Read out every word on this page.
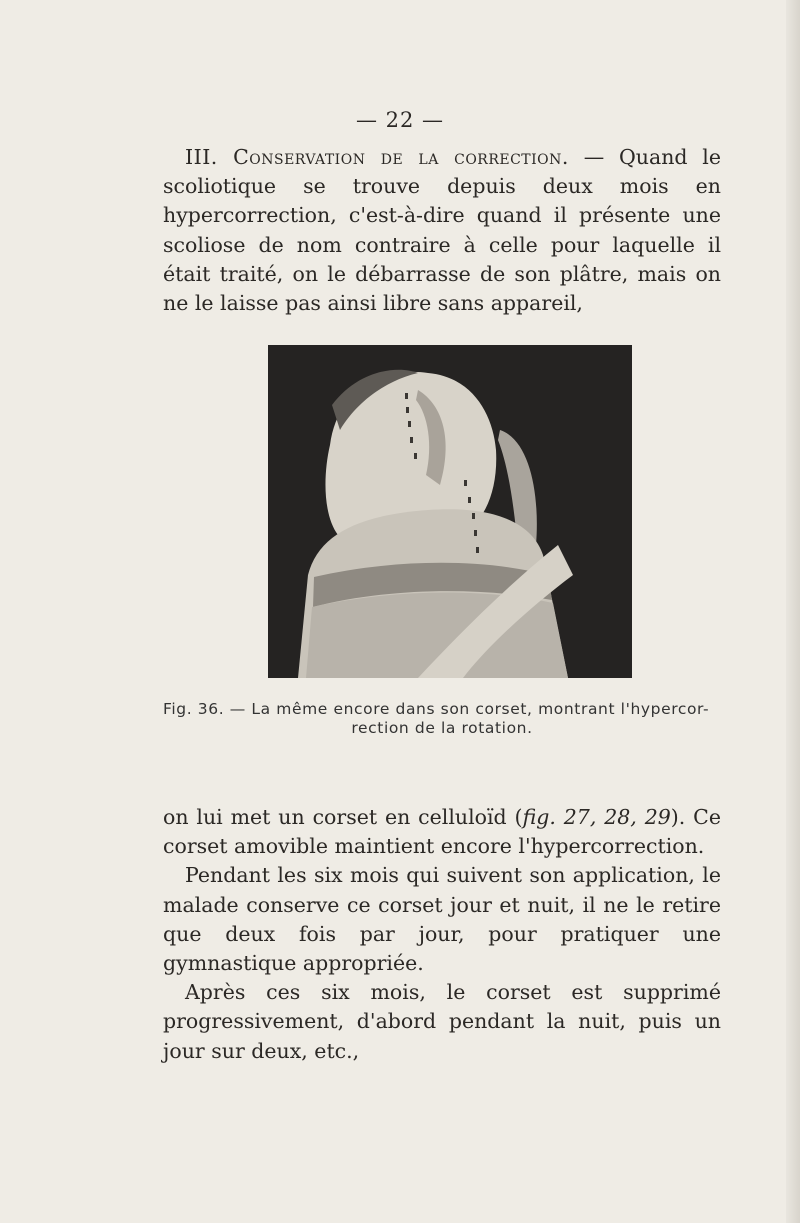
— 22 —

III. Conservation de la correction. — Quand le scoliotique se trouve depuis deux mois en hypercorrection, c'est-à-dire quand il présente une scoliose de nom contraire à celle pour laquelle il était traité, on le débarrasse de son plâtre, mais on ne le laisse pas ainsi libre sans appareil,

Fig. 36. — La même encore dans son corset, montrant l'hypercor-
rection de la rotation.

on lui met un corset en celluloïd (fig. 27, 28, 29). Ce corset amovible maintient encore l'hypercorrection.

Pendant les six mois qui suivent son application, le malade conserve ce corset jour et nuit, il ne le retire que deux fois par jour, pour pratiquer une gymnastique appropriée.

Après ces six mois, le corset est supprimé progressivement, d'abord pendant la nuit, puis un jour sur deux, etc.,
